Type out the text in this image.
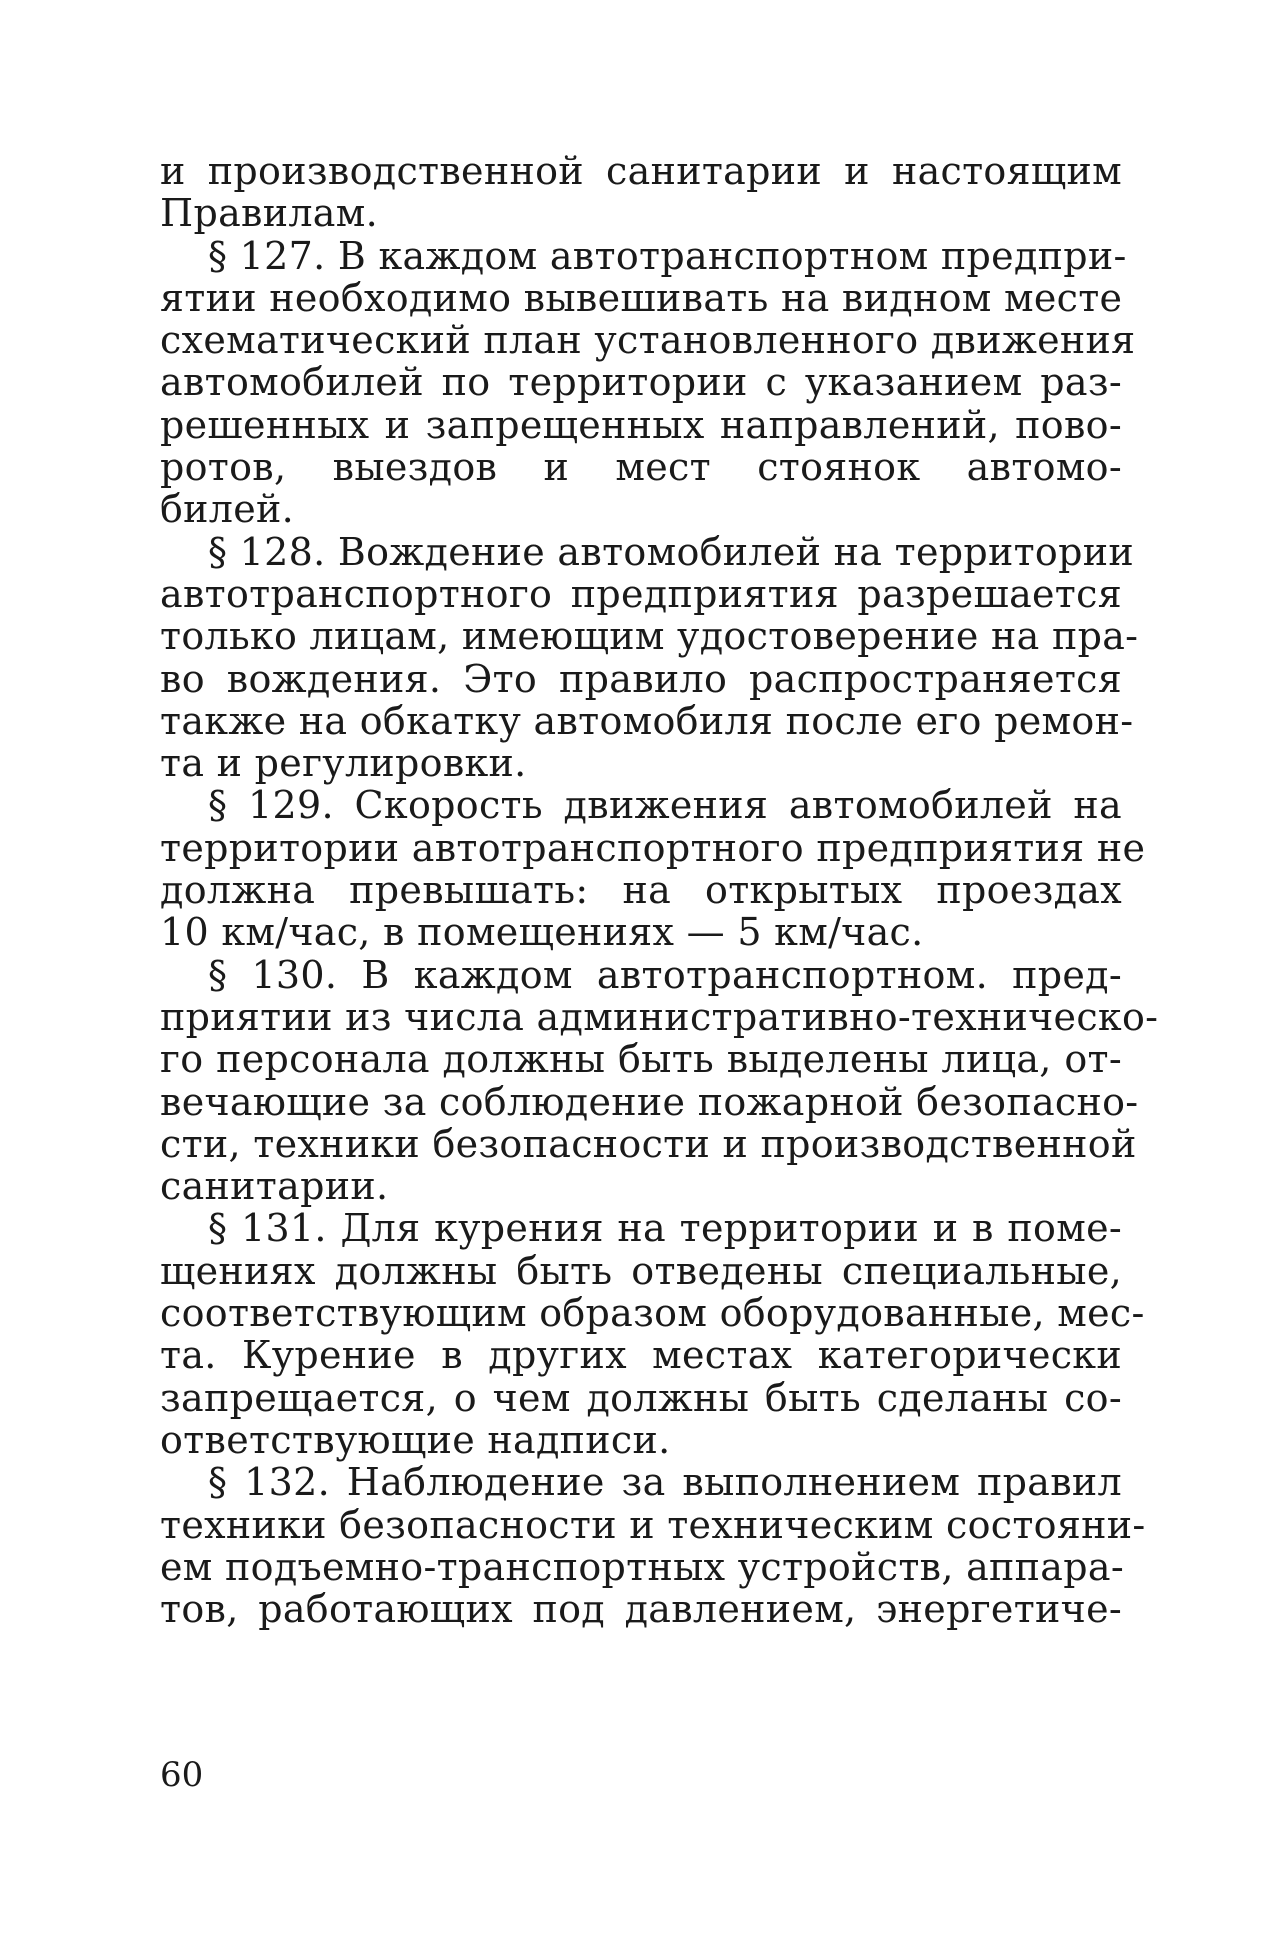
и производственной санитарии и настоящим
Правилам.
§ 127. В каждом автотранспортном предпри-
ятии необходимо вывешивать на видном месте
схематический план установленного движения
автомобилей по территории с указанием раз-
решенных и запрещенных направлений, пово-
ротов, выездов и мест стоянок автомо-
билей.
§ 128. Вождение автомобилей на территории
автотранспортного предприятия разрешается
только лицам, имеющим удостоверение на пра-
во вождения. Это правило распространяется
также на обкатку автомобиля после его ремон-
та и регулировки.
§ 129. Скорость движения автомобилей на
территории автотранспортного предприятия не
должна превышать: на открытых проездах
10 км/час, в помещениях — 5 км/час.
§ 130. В каждом автотранспортном. пред-
приятии из числа административно-техническо-
го персонала должны быть выделены лица, от-
вечающие за соблюдение пожарной безопасно-
сти, техники безопасности и производственной
санитарии.
§ 131. Для курения на территории и в поме-
щениях должны быть отведены специальные,
соответствующим образом оборудованные, мес-
та. Курение в других местах категорически
запрещается, о чем должны быть сделаны со-
ответствующие надписи.
§ 132. Наблюдение за выполнением правил
техники безопасности и техническим состояни-
ем подъемно-транспортных устройств, аппара-
тов, работающих под давлением, энергетиче-
60
